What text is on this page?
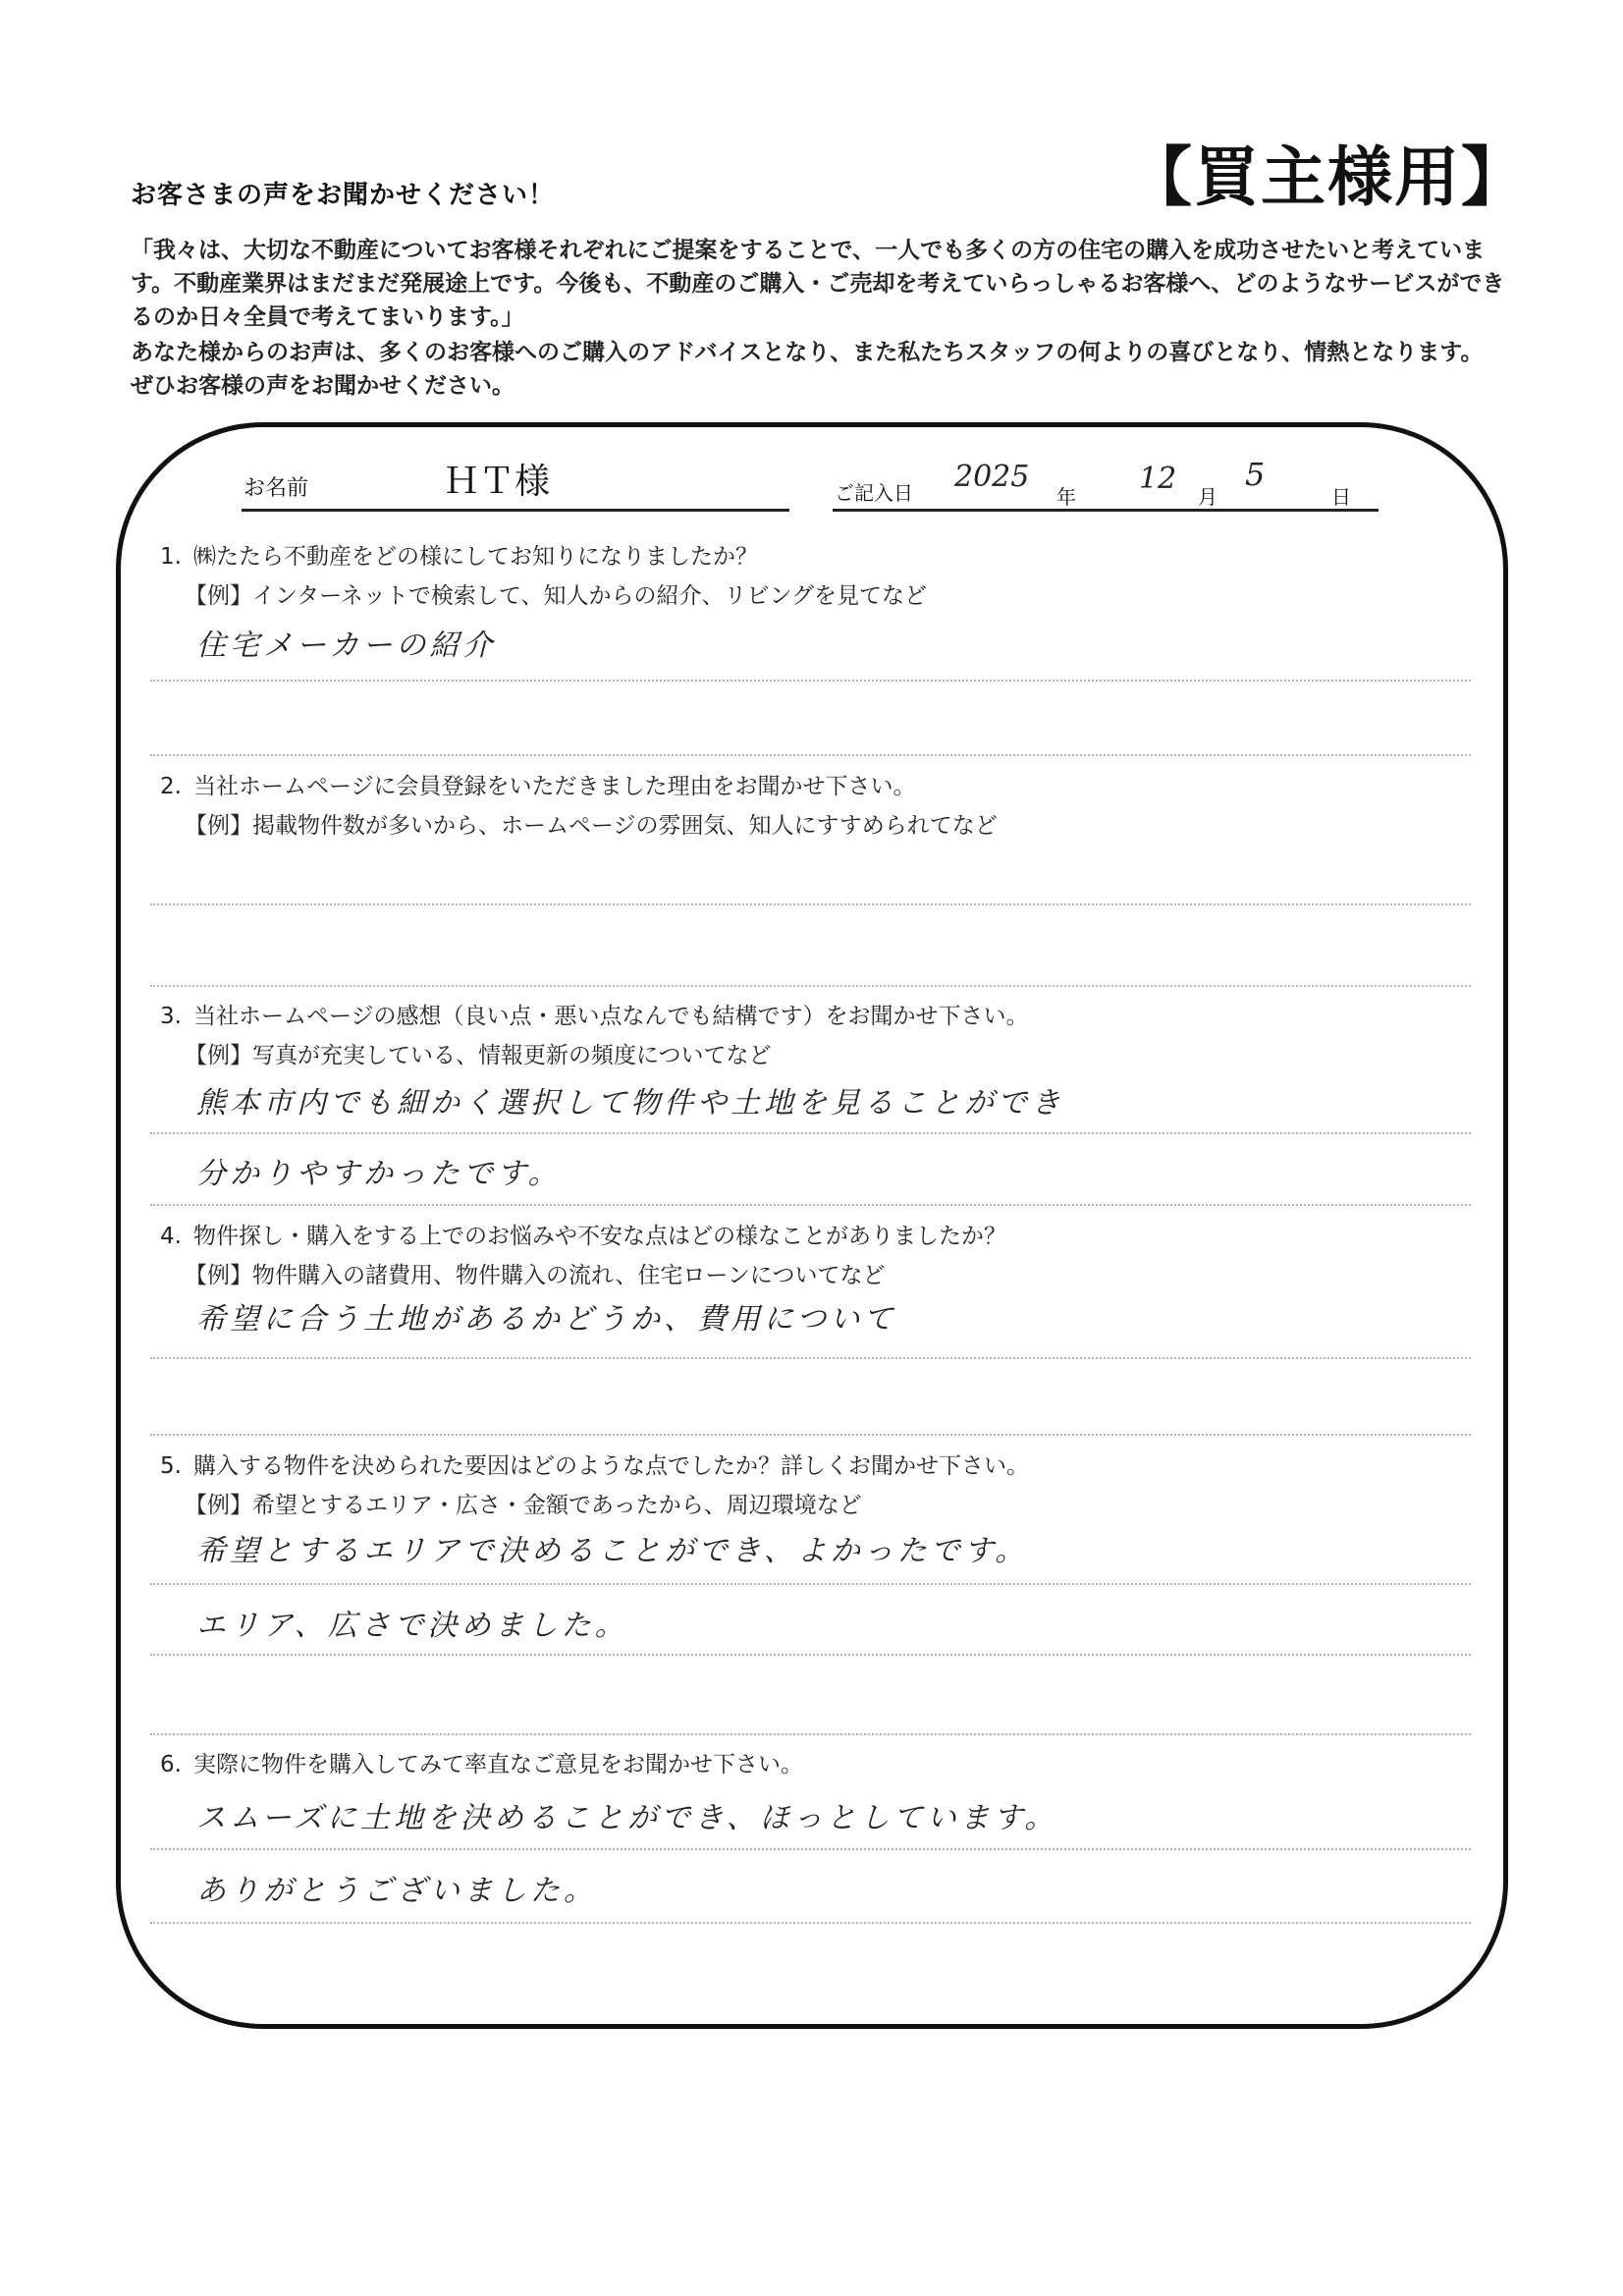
お客さまの声をお聞かせください！	【買主様用】

「我々は、大切な不動産についてお客様それぞれにご提案をすることで、一人でも多くの方の住宅の購入を成功させたいと考えています。不動産業界はまだまだ発展途上です。今後も、不動産のご購入・ご売却を考えていらっしゃるお客様へ、どのようなサービスができるのか日々全員で考えてまいります。」

あなた様からのお声は、多くのお客様へのご購入のアドバイスとなり、また私たちスタッフの何よりの喜びとなり、情熱となります。ぜひお客様の声をお聞かせください。

お名前	ＨＴ様	ご記入日 2025
年
12
月
5
日
1. ㈱たたら不動産をどの様にしてお知りになりましたか？
【例】インターネットで検索して、知人からの紹介、リビングを見てなど
住宅メーカーの紹介
2. 当社ホームページに会員登録をいただきました理由をお聞かせ下さい。
【例】掲載物件数が多いから、ホームページの雰囲気、知人にすすめられてなど
3. 当社ホームページの感想（良い点・悪い点なんでも結構です）をお聞かせ下さい。
【例】写真が充実している、情報更新の頻度についてなど
熊本市内でも細かく選択して物件や土地を見ることができ
分かりやすかったです。
4. 物件探し・購入をする上でのお悩みや不安な点はどの様なことがありましたか？
【例】物件購入の諸費用、物件購入の流れ、住宅ローンについてなど
希望に合う土地があるかどうか、費用について
5. 購入する物件を決められた要因はどのような点でしたか？詳しくお聞かせ下さい。
【例】希望とするエリア・広さ・金額であったから、周辺環境など
希望とするエリアで決めることができ、よかったです。
エリア、広さで決めました。
6. 実際に物件を購入してみて率直なご意見をお聞かせ下さい。
スムーズに土地を決めることができ、ほっとしています。
ありがとうございました。
